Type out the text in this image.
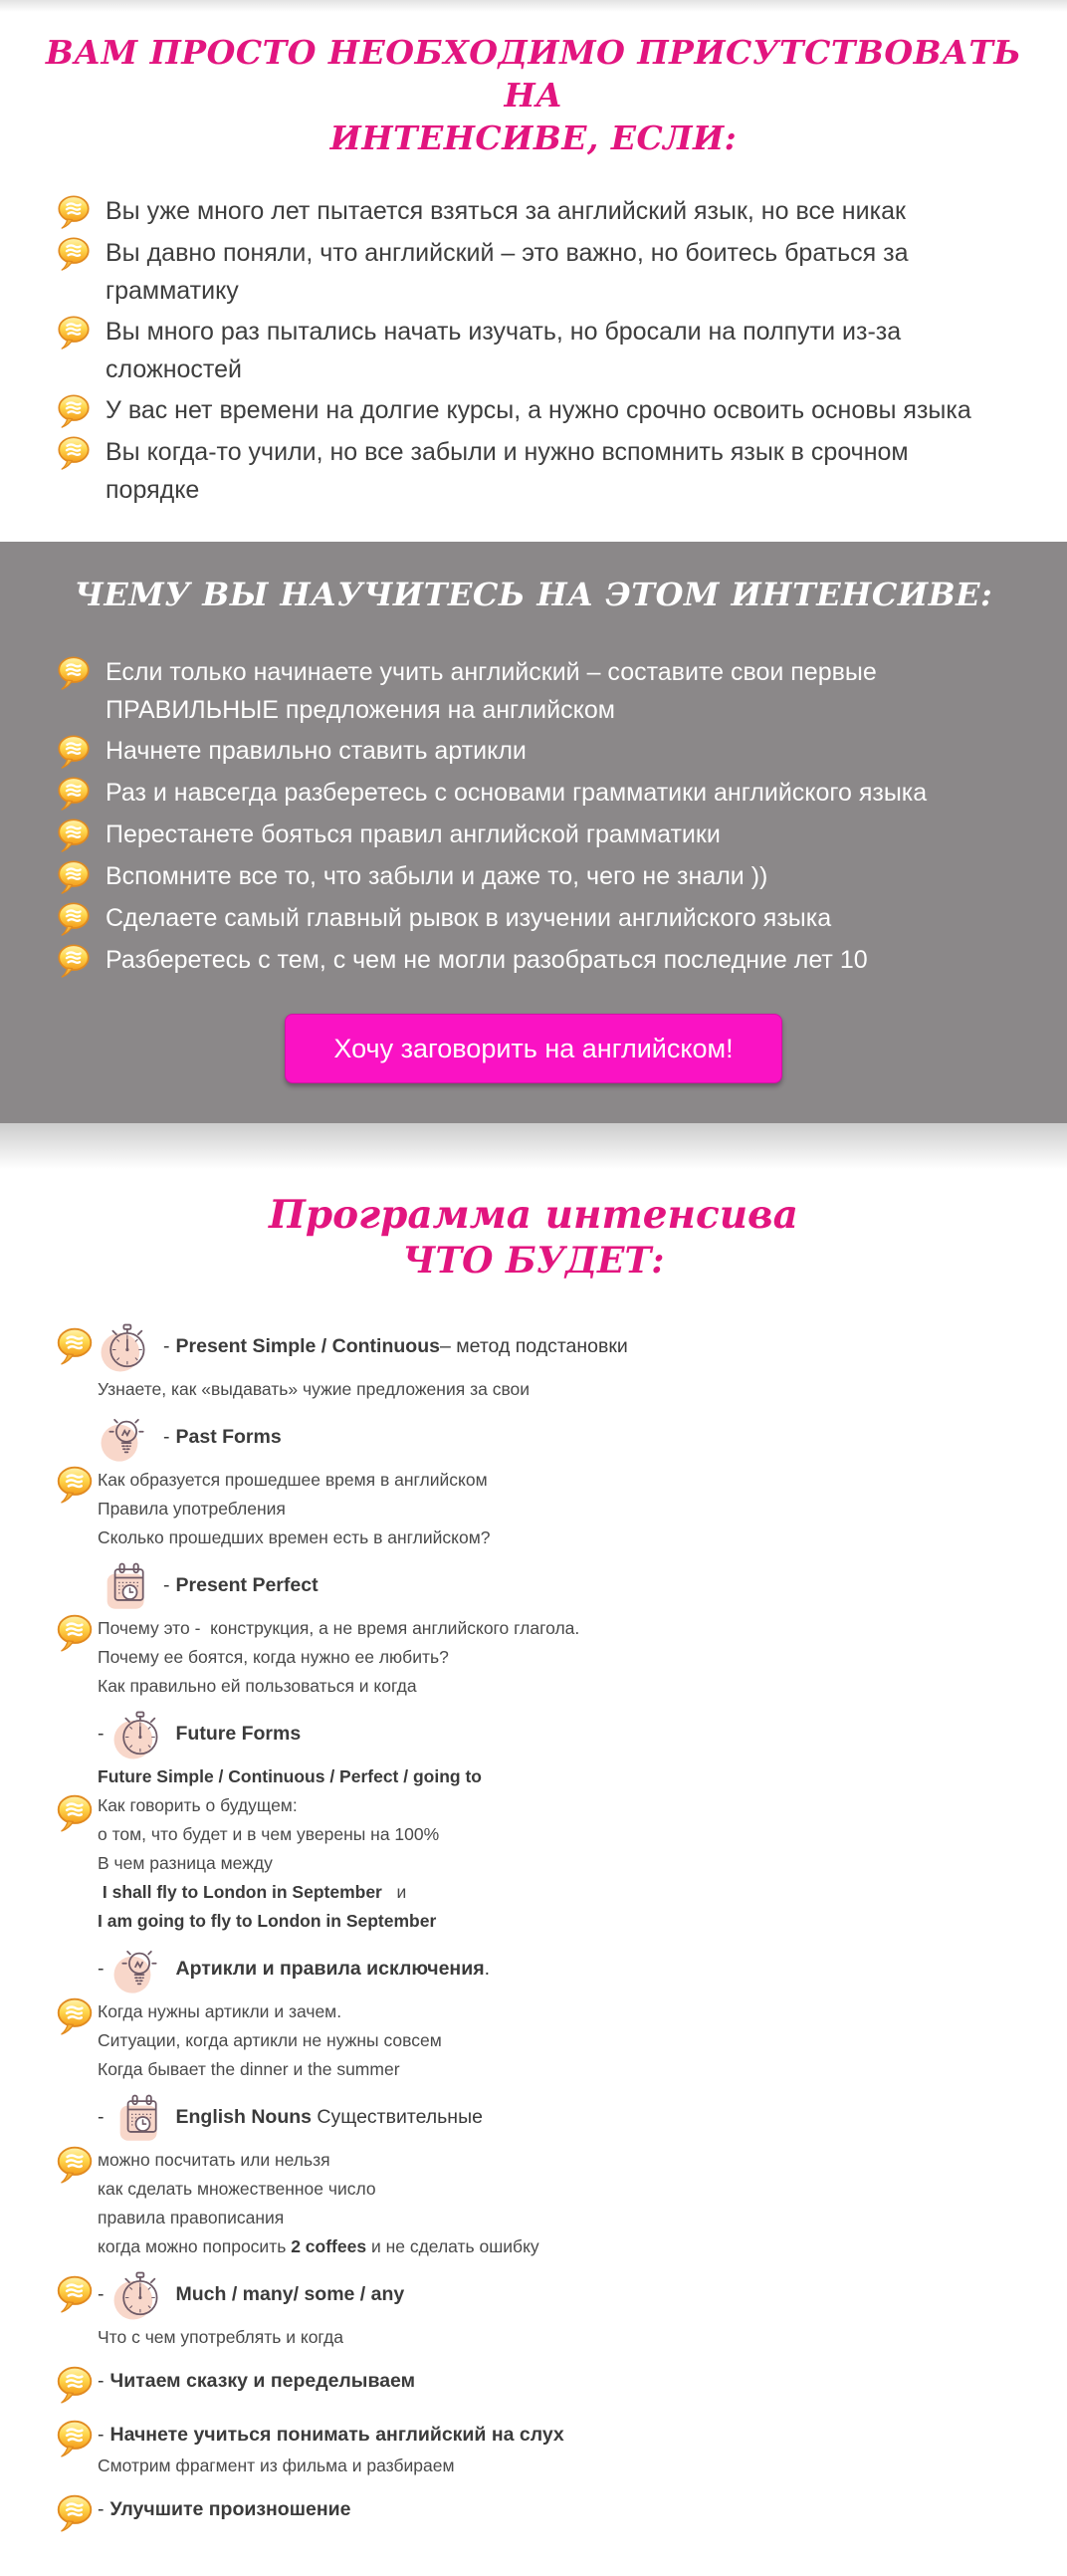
ВАМ ПРОСТО НЕОБХОДИМО ПРИСУТСТВОВАТЬ НА
ИНТЕНСИВЕ, ЕСЛИ:
Вы уже много лет пытается взяться за английский язык, но все никак
Вы давно поняли, что английский – это важно, но боитесь браться за грамматику
Вы много раз пытались начать изучать, но бросали на полпути из-за сложностей
У вас нет времени на долгие курсы, а нужно срочно освоить основы языка
Вы когда-то учили, но все забыли и нужно вспомнить язык в срочном порядке
ЧЕМУ ВЫ НАУЧИТЕСЬ НА ЭТОМ ИНТЕНСИВЕ:
Если только начинаете учить английский – составите свои первые ПРАВИЛЬНЫЕ предложения на английском
Начнете правильно ставить артикли
Раз и навсегда разберетесь с основами грамматики английского языка
Перестанете бояться правил английской грамматики
Вспомните все то, что забыли и даже то, чего не знали ))
Сделаете самый главный рывок в изучении английского языка
Разберетесь с тем, с чем не могли разобраться последние лет 10
Хочу заговорить на английском!
Программа интенсива
ЧТО БУДЕТ:
- Present Simple / Continuous – метод подстановки
Узнаете, как «выдавать» чужие предложения за свои
- Past Forms
Как образуется прошедшее время в английском
Правила употребления
Сколько прошедших времен есть в английском?
- Present Perfect
Почему это -  конструкция, а не время английского глагола.
Почему ее боятся, когда нужно ее любить?
Как правильно ей пользоваться и когда
-	Future Forms
Future Simple / Continuous / Perfect / going to
Как говорить о будущем:
о том, что будет и в чем уверены на 100%
В чем разница между
I shall fly to London in September   и
I am going to fly to London in September
-	Артикли и правила исключения .
Когда нужны артикли и зачем.
Ситуации, когда артикли не нужны совсем
Когда бывает the dinner и the summer
-	English Nouns Существительные
можно посчитать или нельзя
как сделать множественное число
правила правописания
когда можно попросить 2 coffees и не сделать ошибку
-	Much / many/ some / any
Что с чем употреблять и когда
- Читаем сказку и переделываем
- Начнете учиться понимать английский на слух
Смотрим фрагмент из фильма и разбираем
- Улучшите произношение
